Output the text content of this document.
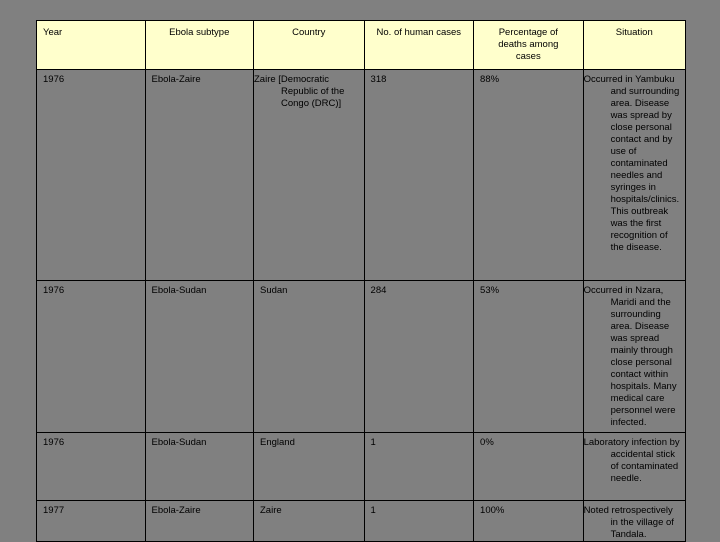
Year	Ebola subtype	Country	No. of human cases	Percentage of deaths among cases	Situation

1976	Ebola-Zaire	Zaire [Democratic Republic of the Congo (DRC)]	318	88%	Occurred in Yambuku and surrounding area. Disease was spread by close personal contact and by use of contaminated needles and syringes in hospitals/clinics. This outbreak was the first recognition of the disease.

1976	Ebola-Sudan	Sudan	284	53%	Occurred in Nzara, Maridi and the surrounding area. Disease was spread mainly through close personal contact within hospitals. Many medical care personnel were infected.

1976	Ebola-Sudan	England	1	0%	Laboratory infection by accidental stick of contaminated needle.

1977	Ebola-Zaire	Zaire	1	100%	Noted retrospectively in the village of Tandala.
